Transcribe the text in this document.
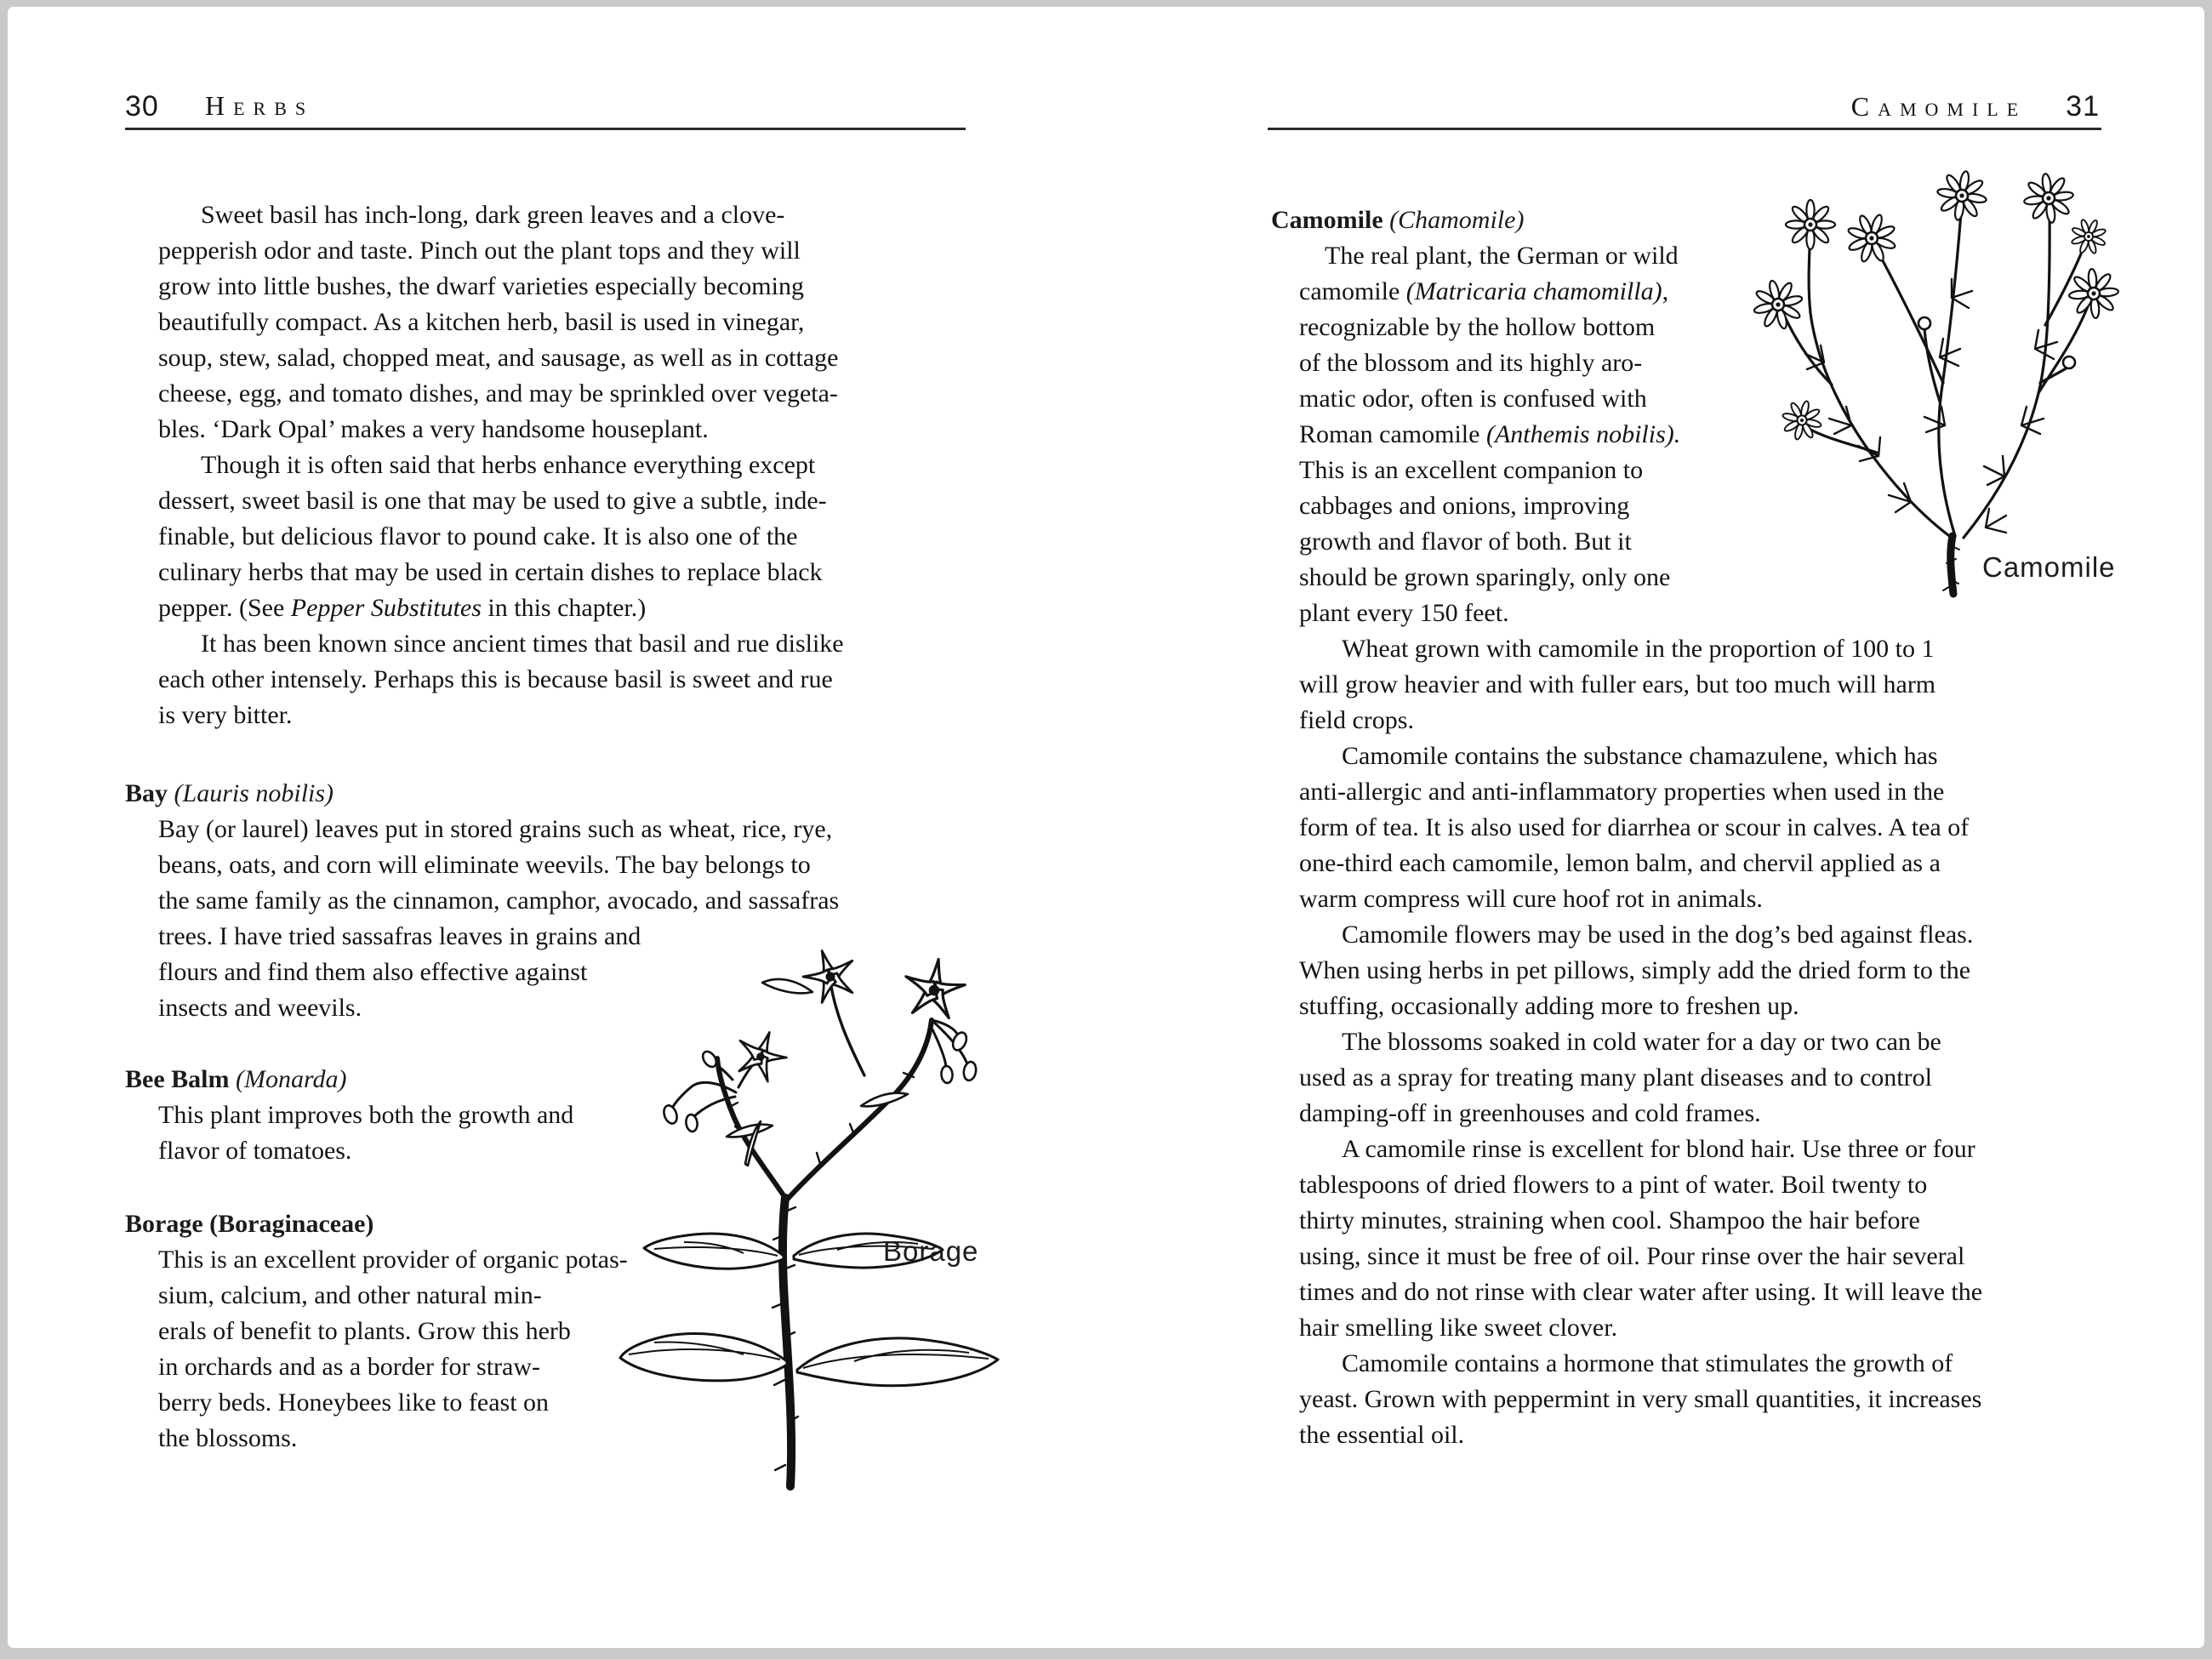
30 Herbs
Sweet basil has inch-long, dark green leaves and a clove-
pepperish odor and taste. Pinch out the plant tops and they will
grow into little bushes, the dwarf varieties especially becoming
beautifully compact. As a kitchen herb, basil is used in vinegar,
soup, stew, salad, chopped meat, and sausage, as well as in cottage
cheese, egg, and tomato dishes, and may be sprinkled over vegeta-
bles. ‘Dark Opal’ makes a very handsome houseplant.
Though it is often said that herbs enhance everything except
dessert, sweet basil is one that may be used to give a subtle, inde-
finable, but delicious flavor to pound cake. It is also one of the
culinary herbs that may be used in certain dishes to replace black
pepper. (See Pepper Substitutes in this chapter.)
It has been known since ancient times that basil and rue dislike
each other intensely. Perhaps this is because basil is sweet and rue
is very bitter.
Bay (Lauris nobilis)
Bay (or laurel) leaves put in stored grains such as wheat, rice, rye,
beans, oats, and corn will eliminate weevils. The bay belongs to
the same family as the cinnamon, camphor, avocado, and sassafras
trees. I have tried sassafras leaves in grains and
flours and find them also effective against
insects and weevils.
Bee Balm (Monarda)
This plant improves both the growth and
flavor of tomatoes.
Borage (Boraginaceae)
This is an excellent provider of organic potas-
sium, calcium, and other natural min-
erals of benefit to plants. Grow this herb
in orchards and as a border for straw-
berry beds. Honeybees like to feast on
the blossoms.
Borage
Camomile 31
Camomile (Chamomile)
The real plant, the German or wild
camomile (Matricaria chamomilla),
recognizable by the hollow bottom
of the blossom and its highly aro-
matic odor, often is confused with
Roman camomile (Anthemis nobilis).
This is an excellent companion to
cabbages and onions, improving
growth and flavor of both. But it
should be grown sparingly, only one
plant every 150 feet.
Wheat grown with camomile in the proportion of 100 to 1
will grow heavier and with fuller ears, but too much will harm
field crops.
Camomile contains the substance chamazulene, which has
anti-allergic and anti-inflammatory properties when used in the
form of tea. It is also used for diarrhea or scour in calves. A tea of
one-third each camomile, lemon balm, and chervil applied as a
warm compress will cure hoof rot in animals.
Camomile flowers may be used in the dog’s bed against fleas.
When using herbs in pet pillows, simply add the dried form to the
stuffing, occasionally adding more to freshen up.
The blossoms soaked in cold water for a day or two can be
used as a spray for treating many plant diseases and to control
damping-off in greenhouses and cold frames.
A camomile rinse is excellent for blond hair. Use three or four
tablespoons of dried flowers to a pint of water. Boil twenty to
thirty minutes, straining when cool. Shampoo the hair before
using, since it must be free of oil. Pour rinse over the hair several
times and do not rinse with clear water after using. It will leave the
hair smelling like sweet clover.
Camomile contains a hormone that stimulates the growth of
yeast. Grown with peppermint in very small quantities, it increases
the essential oil.
Camomile
